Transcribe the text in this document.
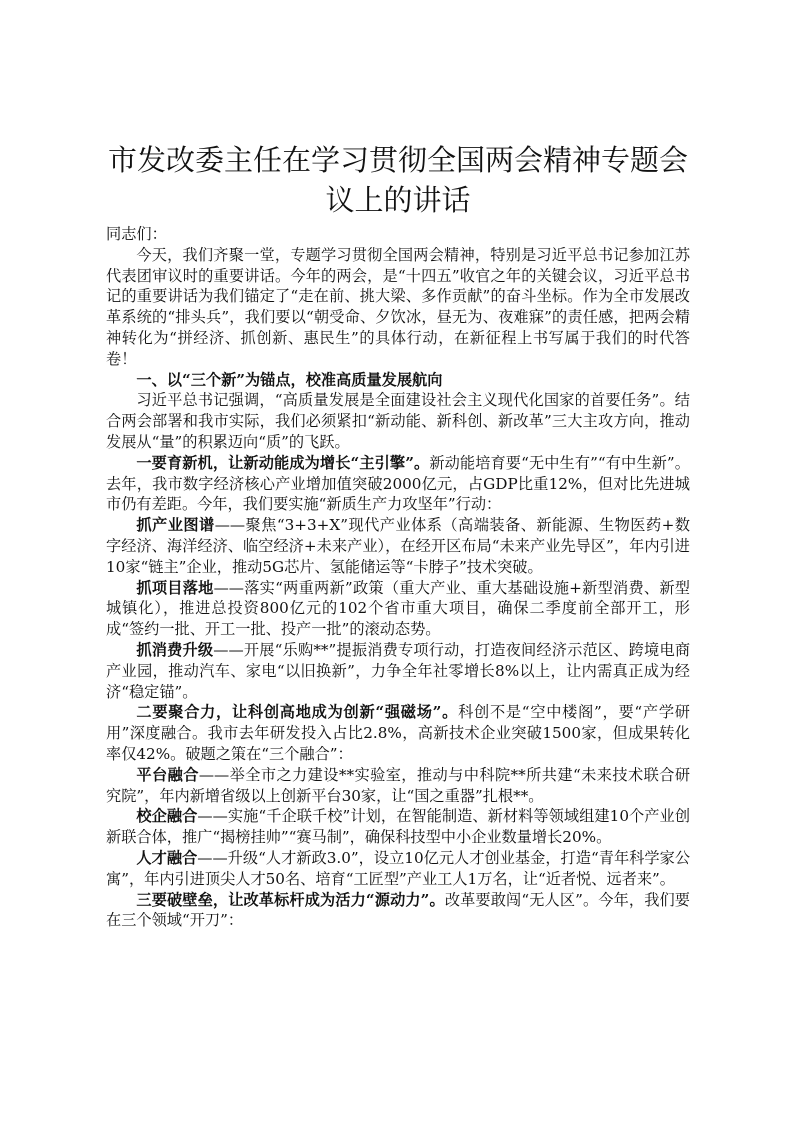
市发改委主任在学习贯彻全国两会精神专题会
议上的讲话

同志们：

今天，我们齐聚一堂，专题学习贯彻全国两会精神，特别是习近平总书记参加江苏代表团审议时的重要讲话。今年的两会，是“十四五”收官之年的关键会议，习近平总书记的重要讲话为我们锚定了“走在前、挑大梁、多作贡献”的奋斗坐标。作为全市发展改革系统的“排头兵”，我们要以“朝受命、夕饮冰，昼无为、夜难寐”的责任感，把两会精神转化为“拼经济、抓创新、惠民生”的具体行动，在新征程上书写属于我们的时代答卷！

一、以“三个新”为锚点，校准高质量发展航向

习近平总书记强调，“高质量发展是全面建设社会主义现代化国家的首要任务”。结合两会部署和我市实际，我们必须紧扣“新动能、新科创、新改革”三大主攻方向，推动发展从“量”的积累迈向“质”的飞跃。

一要育新机，让新动能成为增长“主引擎”。新动能培育要“无中生有”“有中生新”。去年，我市数字经济核心产业增加值突破2000亿元，占GDP比重12%，但对比先进城市仍有差距。今年，我们要实施“新质生产力攻坚年”行动：

抓产业图谱——聚焦“3+3+X”现代产业体系（高端装备、新能源、生物医药+数字经济、海洋经济、临空经济+未来产业），在经开区布局“未来产业先导区”，年内引进10家“链主”企业，推动5G芯片、氢能储运等“卡脖子”技术突破。

抓项目落地——落实“两重两新”政策（重大产业、重大基础设施+新型消费、新型城镇化），推进总投资800亿元的102个省市重大项目，确保二季度前全部开工，形成“签约一批、开工一批、投产一批”的滚动态势。

抓消费升级——开展“乐购**”提振消费专项行动，打造夜间经济示范区、跨境电商产业园，推动汽车、家电“以旧换新”，力争全年社零增长8%以上，让内需真正成为经济“稳定锚”。

二要聚合力，让科创高地成为创新“强磁场”。科创不是“空中楼阁”，要“产学研用”深度融合。我市去年研发投入占比2.8%，高新技术企业突破1500家，但成果转化率仅42%。破题之策在“三个融合”：

平台融合——举全市之力建设**实验室，推动与中科院**所共建“未来技术联合研究院”，年内新增省级以上创新平台30家，让“国之重器”扎根**。

校企融合——实施“千企联千校”计划，在智能制造、新材料等领域组建10个产业创新联合体，推广“揭榜挂帅”“赛马制”，确保科技型中小企业数量增长20%。

人才融合——升级“人才新政3.0”，设立10亿元人才创业基金，打造“青年科学家公寓”，年内引进顶尖人才50名、培育“工匠型”产业工人1万名，让“近者悦、远者来”。

三要破壁垒，让改革标杆成为活力“源动力”。改革要敢闯“无人区”。今年，我们要在三个领域“开刀”：
